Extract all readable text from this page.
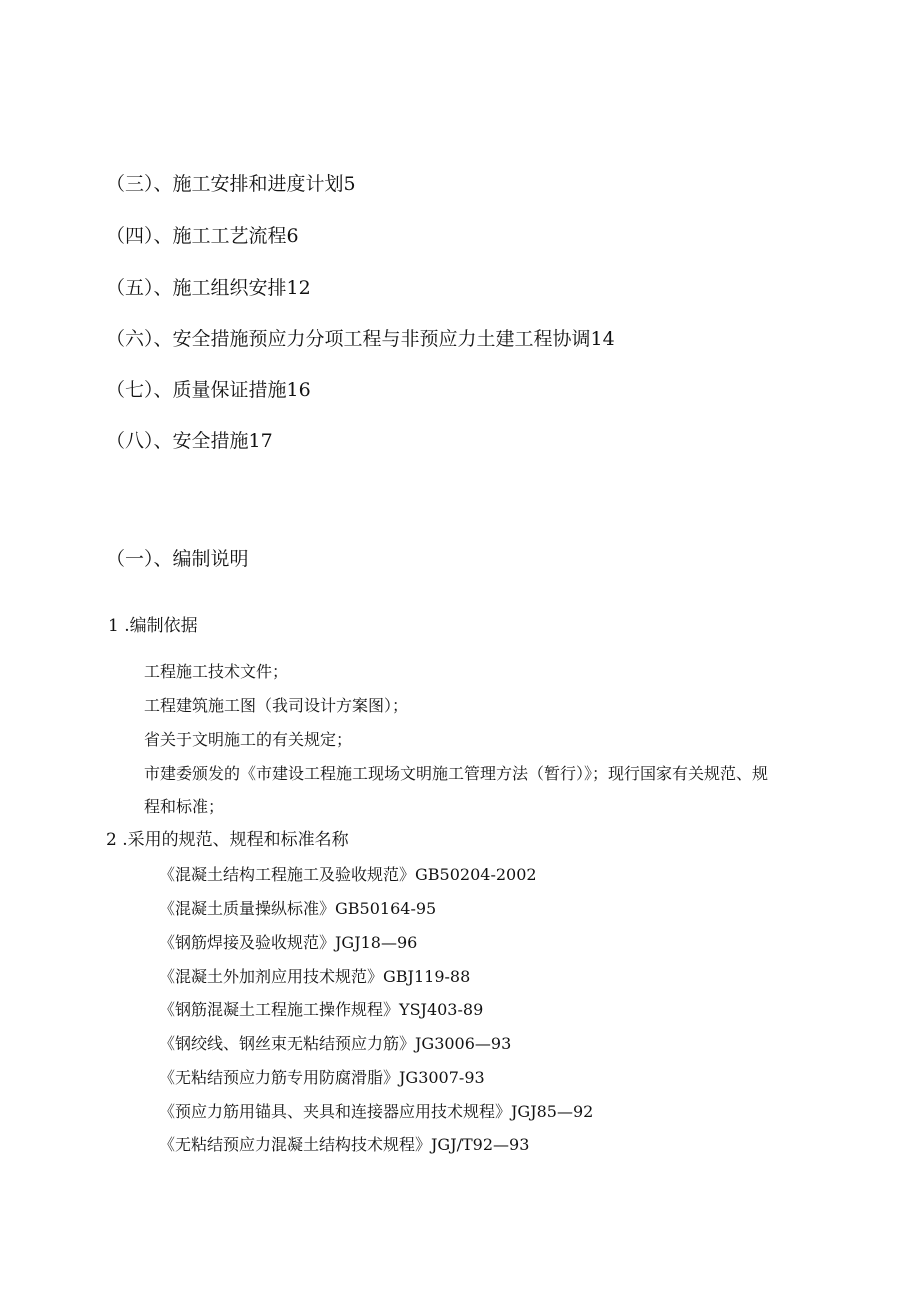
（三）、施工安排和进度计划5
（四）、施工工艺流程6
（五）、施工组织安排12
（六）、安全措施预应力分项工程与非预应力土建工程协调14
（七）、质量保证措施16
（八）、安全措施17
（一）、编制说明
1 .编制依据
工程施工技术文件；
工程建筑施工图（我司设计方案图）；
省关于文明施工的有关规定；
市建委颁发的《市建设工程施工现场文明施工管理方法（暂行）》；现行国家有关规范、规
程和标准；
2 .采用的规范、规程和标准名称
《混凝土结构工程施工及验收规范》GB50204-2002
《混凝土质量操纵标准》GB50164-95
《钢筋焊接及验收规范》JGJ18—96
《混凝土外加剂应用技术规范》GBJ119-88
《钢筋混凝土工程施工操作规程》YSJ403-89
《钢绞线、钢丝束无粘结预应力筋》JG3006—93
《无粘结预应力筋专用防腐滑脂》JG3007-93
《预应力筋用锚具、夹具和连接器应用技术规程》JGJ85—92
《无粘结预应力混凝土结构技术规程》JGJ/T92—93
